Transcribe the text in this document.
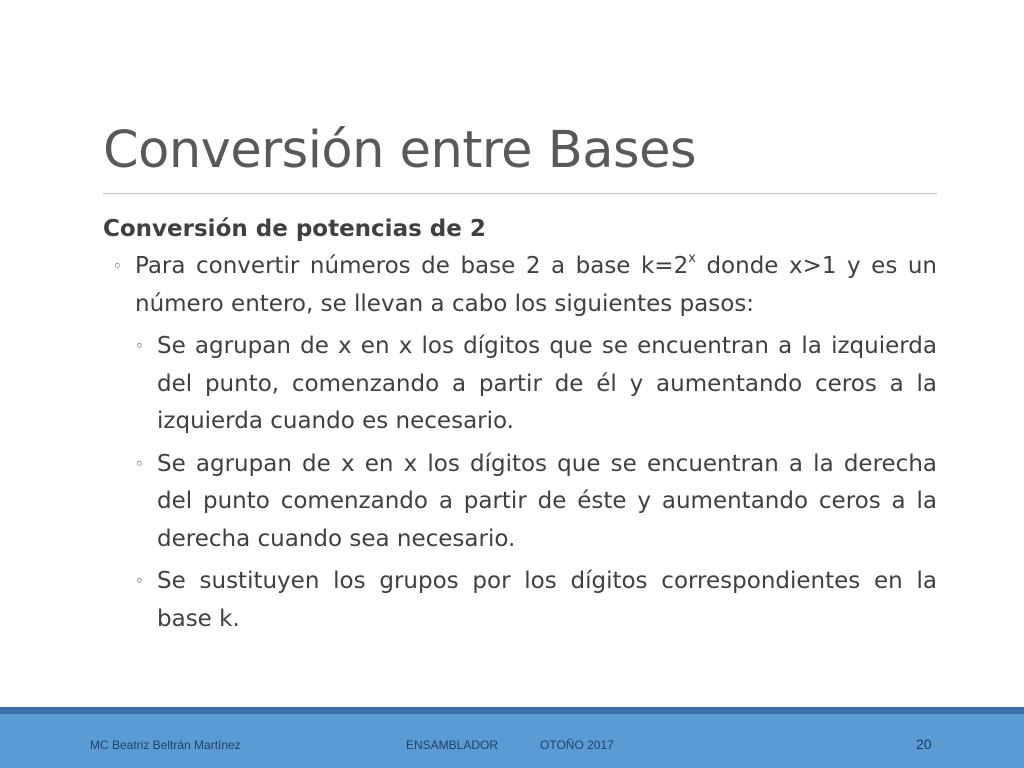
Conversión entre Bases

Conversión de potencias de 2

◦ Para convertir números de base 2 a base $k=2^x$ donde x>1 y es un número entero, se llevan a cabo los siguientes pasos:
◦ Se agrupan de x en x los dígitos que se encuentran a la izquierda del punto, comenzando a partir de él y aumentando ceros a la izquierda cuando es necesario.
◦ Se agrupan de x en x los dígitos que se encuentran a la derecha del punto comenzando a partir de éste y aumentando ceros a la derecha cuando sea necesario.
◦ Se sustituyen los grupos por los dígitos correspondientes en la base k.
MC Beatriz Beltrán Martínez	ENSAMBLADOR	OTOÑO 2017	20
